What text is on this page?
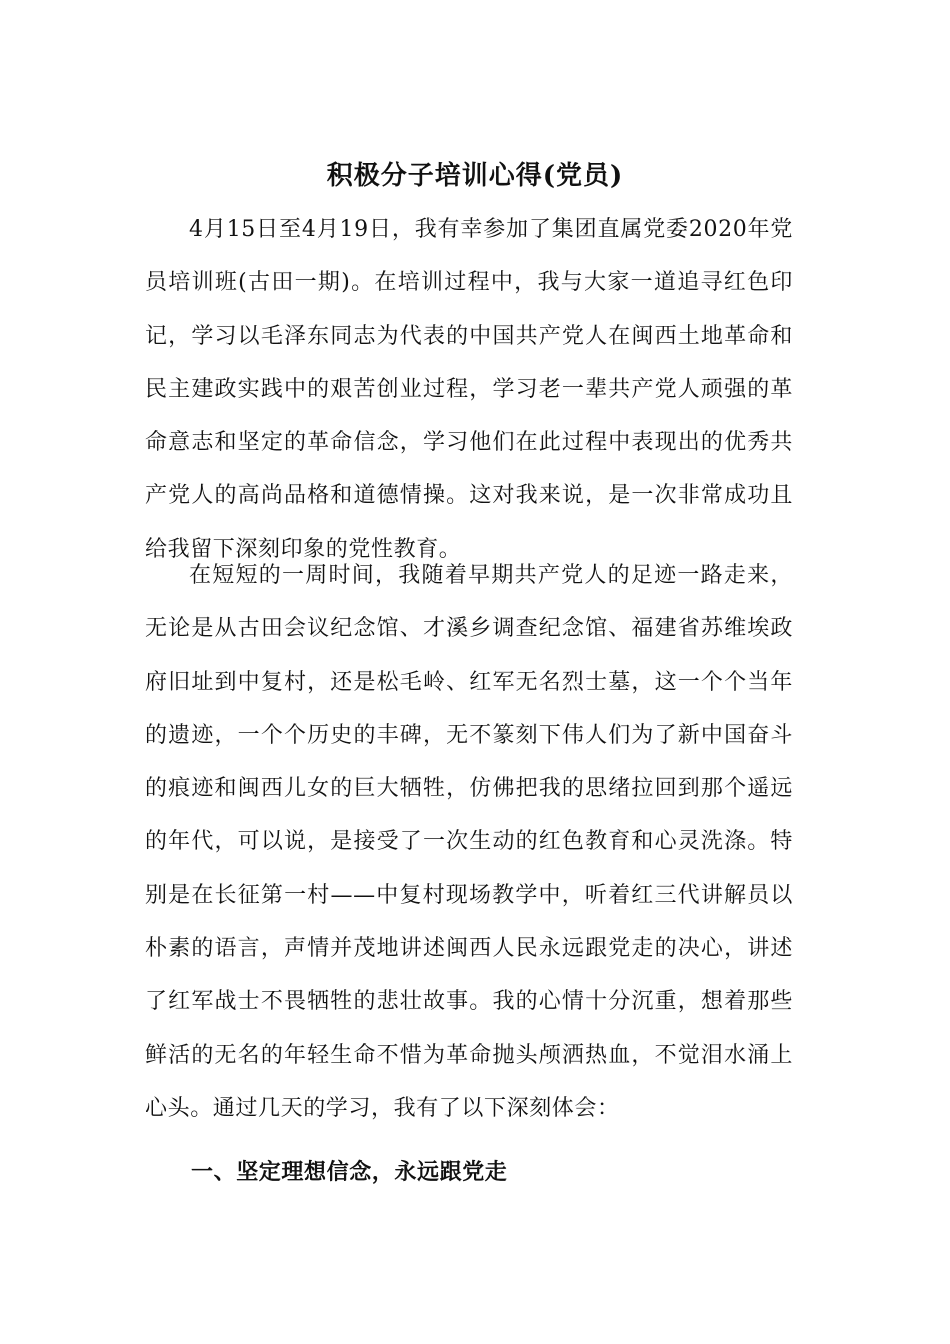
积极分子培训心得(党员)

4月15日至4月19日，我有幸参加了集团直属党委2020年党员培训班(古田一期)。在培训过程中，我与大家一道追寻红色印记，学习以毛泽东同志为代表的中国共产党人在闽西土地革命和民主建政实践中的艰苦创业过程，学习老一辈共产党人顽强的革命意志和坚定的革命信念，学习他们在此过程中表现出的优秀共产党人的高尚品格和道德情操。这对我来说，是一次非常成功且给我留下深刻印象的党性教育。

在短短的一周时间，我随着早期共产党人的足迹一路走来，无论是从古田会议纪念馆、才溪乡调查纪念馆、福建省苏维埃政府旧址到中复村，还是松毛岭、红军无名烈士墓，这一个个当年的遗迹，一个个历史的丰碑，无不篆刻下伟人们为了新中国奋斗的痕迹和闽西儿女的巨大牺牲，仿佛把我的思绪拉回到那个遥远的年代，可以说，是接受了一次生动的红色教育和心灵洗涤。特别是在长征第一村——中复村现场教学中，听着红三代讲解员以朴素的语言，声情并茂地讲述闽西人民永远跟党走的决心，讲述了红军战士不畏牺牲的悲壮故事。我的心情十分沉重，想着那些鲜活的无名的年轻生命不惜为革命抛头颅洒热血，不觉泪水涌上心头。通过几天的学习，我有了以下深刻体会：

一、坚定理想信念，永远跟党走
